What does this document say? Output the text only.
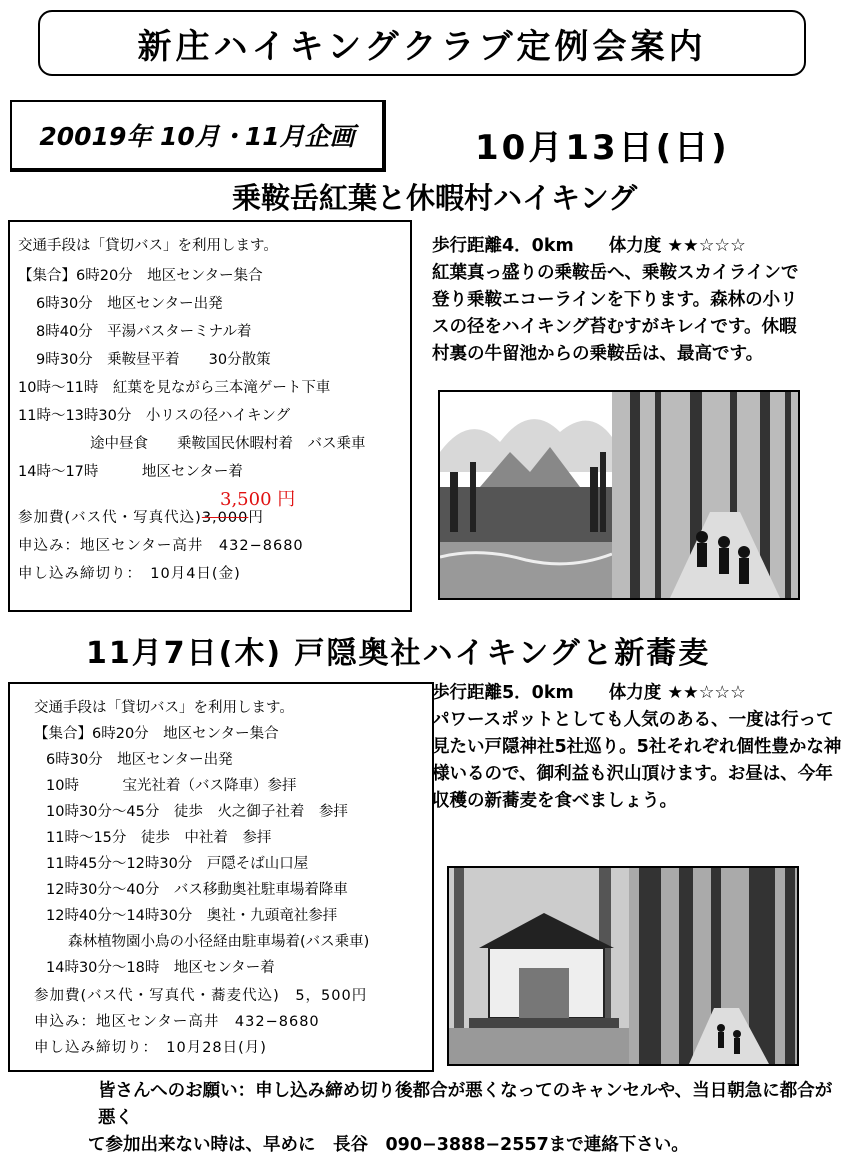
新庄ハイキングクラブ定例会案内
20019年 10月・11月企画	10月13日(日)
乗鞍岳紅葉と休暇村ハイキング
交通手段は「貸切バス」を利用します。
【集合】6時20分　地区センター集合
6時30分　地区センター出発
8時40分　平湯バスターミナル着
9時30分　乗鞍昼平着　　30分散策
10時〜11時　紅葉を見ながら三本滝ゲート下車
11時〜13時30分　小リスの径ハイキング
途中昼食　　乗鞍国民休暇村着　バス乗車
14時〜17時　　　地区センター着
参加費(バス代・写真代込)3,000円
申込み：地区センター高井　432−8680
申し込み締切り：　10月4日(金)
3,500 円
歩行距離4．0km　　体力度 ★★☆☆☆
紅葉真っ盛りの乗鞍岳へ、乗鞍スカイラインで登り乗鞍エコーラインを下ります。森林の小リスの径をハイキング苔むすがキレイです。休暇村裏の牛留池からの乗鞍岳は、最高です。
11月7日(木) 戸隠奥社ハイキングと新蕎麦
交通手段は「貸切バス」を利用します。
【集合】6時20分　地区センター集合
6時30分　地区センター出発
10時　　　宝光社着（バス降車）参拝
10時30分〜45分　徒歩　火之御子社着　参拝
11時〜15分　徒歩　中社着　参拝
11時45分〜12時30分　戸隠そば山口屋
12時30分〜40分　バス移動奥社駐車場着降車
12時40分〜14時30分　奥社・九頭竜社参拝
森林植物園小鳥の小径経由駐車場着(バス乗車)
14時30分〜18時　地区センター着
参加費(バス代・写真代・蕎麦代込)　5，500円
申込み：地区センター高井　432−8680
申し込み締切り：　10月28日(月)
歩行距離5．0km　　体力度 ★★☆☆☆
パワースポットとしても人気のある、一度は行って見たい戸隠神社5社巡り。5社それぞれ個性豊かな神様いるので、御利益も沢山頂けます。お昼は、今年収穫の新蕎麦を食べましょう。
皆さんへのお願い：申し込み締め切り後都合が悪くなってのキャンセルや、当日朝急に都合が悪く
て参加出来ない時は、早めに　長谷　090−3888−2557まで連絡下さい。
